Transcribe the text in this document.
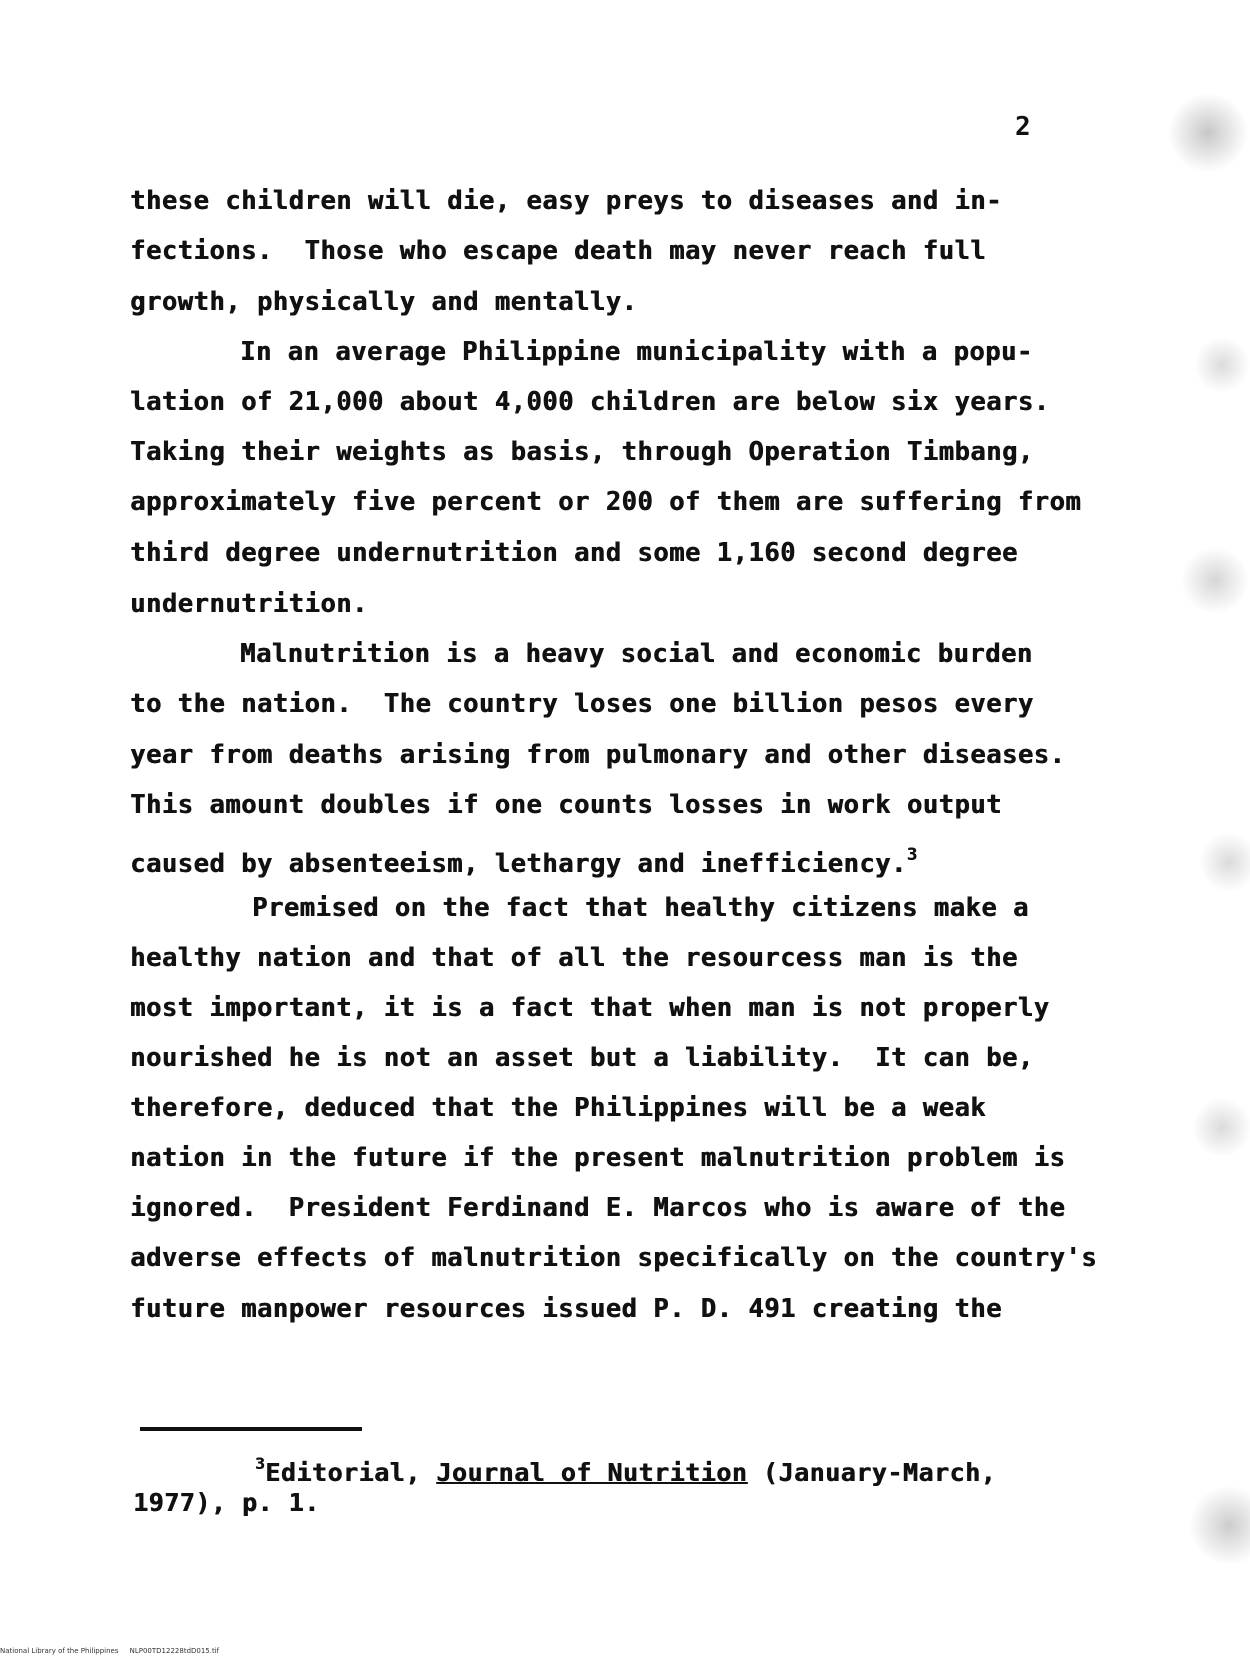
2
these children will die, easy preys to diseases and in-
fections.  Those who escape death may never reach full
growth, physically and mentally.
In an average Philippine municipality with a popu-
lation of 21,000 about 4,000 children are below six years.
Taking their weights as basis, through Operation Timbang,
approximately five percent or 200 of them are suffering from
third degree undernutrition and some 1,160 second degree
undernutrition.
Malnutrition is a heavy social and economic burden
to the nation.  The country loses one billion pesos every
year from deaths arising from pulmonary and other diseases.
This amount doubles if one counts losses in work output
caused by absenteeism, lethargy and inefficiency.$^3$
Premised on the fact that healthy citizens make a
healthy nation and that of all the resourcess man is the
most important, it is a fact that when man is not properly
nourished he is not an asset but a liability.  It can be,
therefore, deduced that the Philippines will be a weak
nation in the future if the present malnutrition problem is
ignored.  President Ferdinand E. Marcos who is aware of the
adverse effects of malnutrition specifically on the country's
future manpower resources issued P. D. 491 creating the
$^3$Editorial, Journal of Nutrition (January-March,
1977), p. 1.
National Library of the Philippines     NLP00TD12228tdD015.tif
